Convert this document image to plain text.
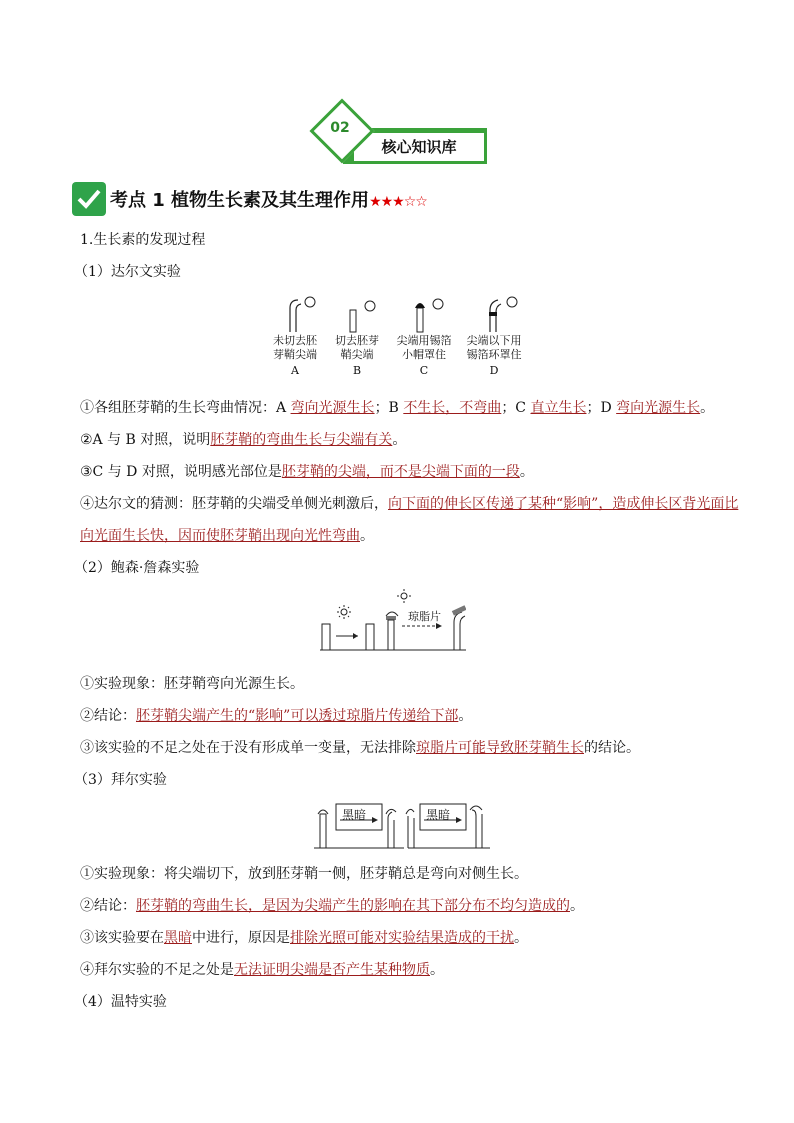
核心知识库
02
考点 1 植物生长素及其生理作用★★★☆☆
1.生长素的发现过程
（1）达尔文实验
未切去胚
芽鞘尖端
A
切去胚芽
鞘尖端
B
尖端用锡箔
小帽罩住
C
尖端以下用
锡箔环罩住
D
①各组胚芽鞘的生长弯曲情况：A 弯向光源生长；B 不生长，不弯曲；C 直立生长；D 弯向光源生长。
②A 与 B 对照，说明胚芽鞘的弯曲生长与尖端有关。
③C 与 D 对照，说明感光部位是胚芽鞘的尖端，而不是尖端下面的一段。
④达尔文的猜测：胚芽鞘的尖端受单侧光刺激后，向下面的伸长区传递了某种“影响”，造成伸长区背光面比
向光面生长快，因而使胚芽鞘出现向光性弯曲。
（2）鲍森·詹森实验
琼脂片
①实验现象：胚芽鞘弯向光源生长。
②结论：胚芽鞘尖端产生的“影响”可以透过琼脂片传递给下部。
③该实验的不足之处在于没有形成单一变量，无法排除琼脂片可能导致胚芽鞘生长的结论。
（3）拜尔实验
黑暗	黑暗
①实验现象：将尖端切下，放到胚芽鞘一侧，胚芽鞘总是弯向对侧生长。
②结论：胚芽鞘的弯曲生长，是因为尖端产生的影响在其下部分布不均匀造成的。
③该实验要在黑暗中进行，原因是排除光照可能对实验结果造成的干扰。
④拜尔实验的不足之处是无法证明尖端是否产生某种物质。
（4）温特实验
